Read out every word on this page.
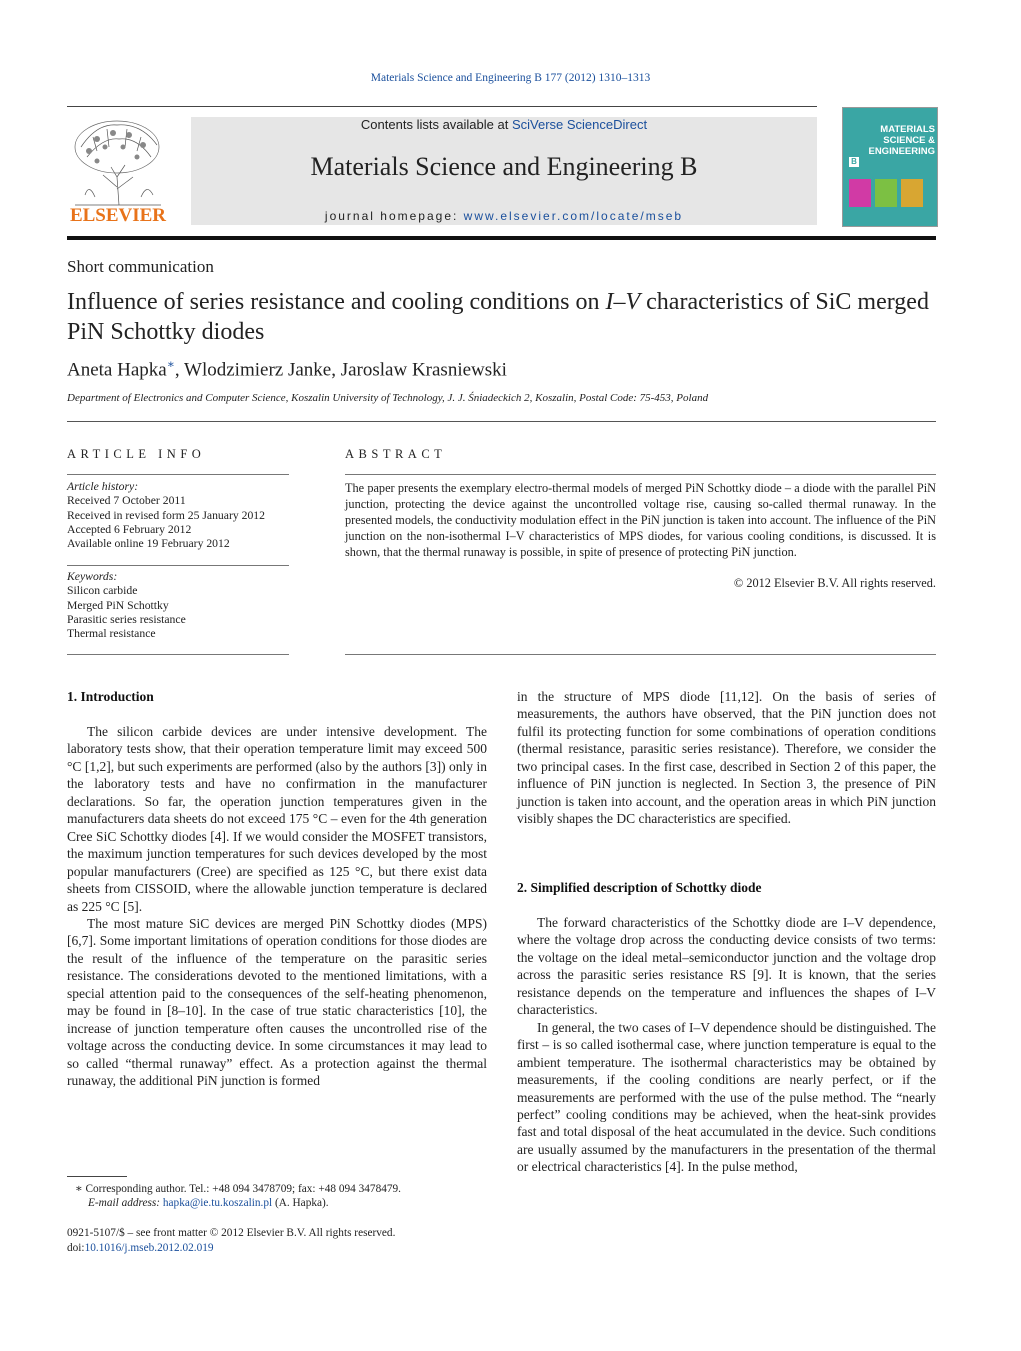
Materials Science and Engineering B 177 (2012) 1310–1313
ELSEVIER
Contents lists available at SciVerse ScienceDirect
Materials Science and Engineering B
journal homepage: www.elsevier.com/locate/mseb
MATERIALS
SCIENCE &
ENGINEERING
B
Short communication
Influence of series resistance and cooling conditions on I–V characteristics of SiC merged PiN Schottky diodes
Aneta Hapka∗, Wlodzimierz Janke, Jaroslaw Krasniewski
Department of Electronics and Computer Science, Koszalin University of Technology, J. J. Śniadeckich 2, Koszalin, Postal Code: 75-453, Poland
ARTICLE INFO
Article history:
Received 7 October 2011
Received in revised form 25 January 2012
Accepted 6 February 2012
Available online 19 February 2012
Keywords:
Silicon carbide
Merged PiN Schottky
Parasitic series resistance
Thermal resistance
ABSTRACT
The paper presents the exemplary electro-thermal models of merged PiN Schottky diode – a diode with the parallel PiN junction, protecting the device against the uncontrolled voltage rise, causing so-called thermal runaway. In the presented models, the conductivity modulation effect in the PiN junction is taken into account. The influence of the PiN junction on the non-isothermal I–V characteristics of MPS diodes, for various cooling conditions, is discussed. It is shown, that the thermal runaway is possible, in spite of presence of protecting PiN junction.
© 2012 Elsevier B.V. All rights reserved.
1. Introduction

The silicon carbide devices are under intensive development. The laboratory tests show, that their operation temperature limit may exceed 500 °C [1,2], but such experiments are performed (also by the authors [3]) only in the laboratory tests and have no confirmation in the manufacturer declarations. So far, the operation junction temperatures given in the manufacturers data sheets do not exceed 175 °C – even for the 4th generation Cree SiC Schottky diodes [4]. If we would consider the MOSFET transistors, the maximum junction temperatures for such devices developed by the most popular manufacturers (Cree) are specified as 125 °C, but there exist data sheets from CISSOID, where the allowable junction temperature is declared as 225 °C [5].

The most mature SiC devices are merged PiN Schottky diodes (MPS) [6,7]. Some important limitations of operation conditions for those diodes are the result of the influence of the temperature on the parasitic series resistance. The considerations devoted to the mentioned limitations, with a special attention paid to the consequences of the self-heating phenomenon, may be found in [8–10]. In the case of true static characteristics [10], the increase of junction temperature often causes the uncontrolled rise of the voltage across the conducting device. In some circumstances it may lead to so called “thermal runaway” effect. As a protection against the thermal runaway, the additional PiN junction is formed

in the structure of MPS diode [11,12]. On the basis of series of measurements, the authors have observed, that the PiN junction does not fulfil its protecting function for some combinations of operation conditions (thermal resistance, parasitic series resistance). Therefore, we consider the two principal cases. In the first case, described in Section 2 of this paper, the influence of PiN junction is neglected. In Section 3, the presence of PiN junction is taken into account, and the operation areas in which PiN junction visibly shapes the DC characteristics are specified.

2. Simplified description of Schottky diode

The forward characteristics of the Schottky diode are I–V dependence, where the voltage drop across the conducting device consists of two terms: the voltage on the ideal metal–semiconductor junction and the voltage drop across the parasitic series resistance RS [9]. It is known, that the series resistance depends on the temperature and influences the shapes of I–V characteristics.

In general, the two cases of I–V dependence should be distinguished. The first – is so called isothermal case, where junction temperature is equal to the ambient temperature. The isothermal characteristics may be obtained by measurements, if the cooling conditions are nearly perfect, or if the measurements are performed with the use of the pulse method. The “nearly perfect” cooling conditions may be achieved, when the heat-sink provides fast and total disposal of the heat accumulated in the device. Such conditions are usually assumed by the manufacturers in the presentation of the thermal or electrical characteristics [4]. In the pulse method,

∗ Corresponding author. Tel.: +48 094 3478709; fax: +48 094 3478479.
E-mail address: hapka@ie.tu.koszalin.pl (A. Hapka).
0921-5107/$ – see front matter © 2012 Elsevier B.V. All rights reserved.
doi:10.1016/j.mseb.2012.02.019
